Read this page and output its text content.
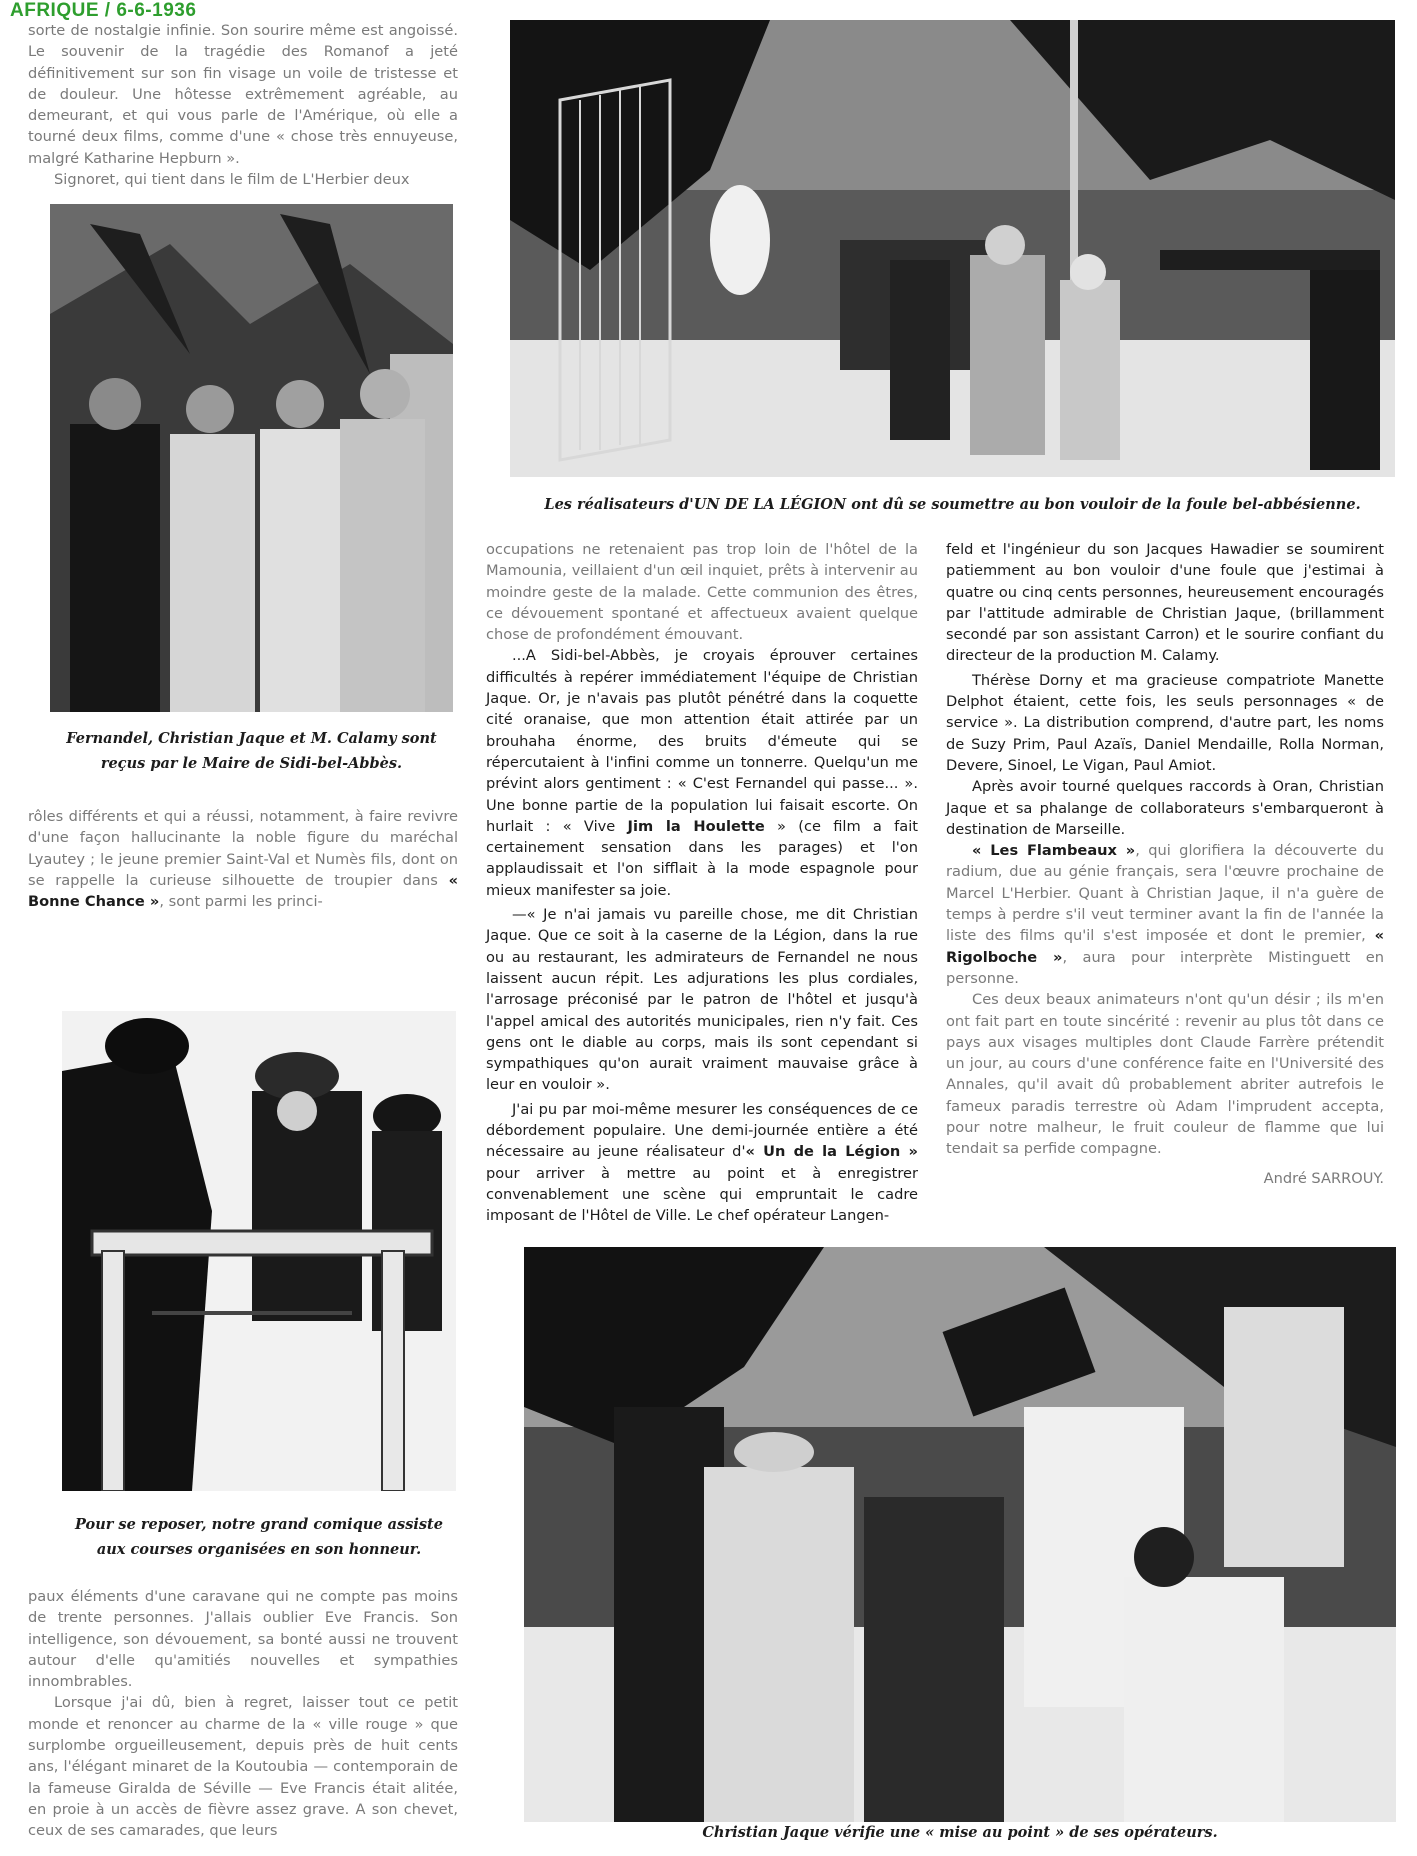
AFRIQUE / 6-6-1936

sorte de nostalgie infinie. Son sourire même est angoissé. Le souvenir de la tragédie des Romanof a jeté définitivement sur son fin visage un voile de tristesse et de douleur. Une hôtesse extrêmement agréable, au demeurant, et qui vous parle de l'Amérique, où elle a tourné deux films, comme d'une « chose très ennuyeuse, malgré Katharine Hepburn ».

Signoret, qui tient dans le film de L'Herbier deux

Fernandel, Christian Jaque et M. Calamy sont reçus par le Maire de Sidi-bel-Abbès.

rôles différents et qui a réussi, notamment, à faire revivre d'une façon hallucinante la noble figure du maréchal Lyautey ; le jeune premier Saint-Val et Numès fils, dont on se rappelle la curieuse silhouette de troupier dans « Bonne Chance », sont parmi les princi-

Pour se reposer, notre grand comique assiste aux courses organisées en son honneur.

paux éléments d'une caravane qui ne compte pas moins de trente personnes. J'allais oublier Eve Francis. Son intelligence, son dévouement, sa bonté aussi ne trouvent autour d'elle qu'amitiés nouvelles et sympathies innombrables.

Lorsque j'ai dû, bien à regret, laisser tout ce petit monde et renoncer au charme de la « ville rouge » que surplombe orgueilleusement, depuis près de huit cents ans, l'élégant minaret de la Koutoubia — contemporain de la fameuse Giralda de Séville — Eve Francis était alitée, en proie à un accès de fièvre assez grave. A son chevet, ceux de ses camarades, que leurs

Les réalisateurs d'UN DE LA LÉGION ont dû se soumettre au bon vouloir de la foule bel-abbésienne.

occupations ne retenaient pas trop loin de l'hôtel de la Mamounia, veillaient d'un œil inquiet, prêts à intervenir au moindre geste de la malade. Cette communion des êtres, ce dévouement spontané et affectueux avaient quelque chose de profondément émouvant.

...A Sidi-bel-Abbès, je croyais éprouver certaines difficultés à repérer immédiatement l'équipe de Christian Jaque. Or, je n'avais pas plutôt pénétré dans la coquette cité oranaise, que mon attention était attirée par un brouhaha énorme, des bruits d'émeute qui se répercutaient à l'infini comme un tonnerre. Quelqu'un me prévint alors gentiment : « C'est Fernandel qui passe... ». Une bonne partie de la population lui faisait escorte. On hurlait : « Vive Jim la Houlette » (ce film a fait certainement sensation dans les parages) et l'on applaudissait et l'on sifflait à la mode espagnole pour mieux manifester sa joie.

—« Je n'ai jamais vu pareille chose, me dit Christian Jaque. Que ce soit à la caserne de la Légion, dans la rue ou au restaurant, les admirateurs de Fernandel ne nous laissent aucun répit. Les adjurations les plus cordiales, l'arrosage préconisé par le patron de l'hôtel et jusqu'à l'appel amical des autorités municipales, rien n'y fait. Ces gens ont le diable au corps, mais ils sont cependant si sympathiques qu'on aurait vraiment mauvaise grâce à leur en vouloir ».

J'ai pu par moi-même mesurer les conséquences de ce débordement populaire. Une demi-journée entière a été nécessaire au jeune réalisateur d'« Un de la Légion » pour arriver à mettre au point et à enregistrer convenablement une scène qui empruntait le cadre imposant de l'Hôtel de Ville. Le chef opérateur Langen-

feld et l'ingénieur du son Jacques Hawadier se soumirent patiemment au bon vouloir d'une foule que j'estimai à quatre ou cinq cents personnes, heureusement encouragés par l'attitude admirable de Christian Jaque, (brillamment secondé par son assistant Carron) et le sourire confiant du directeur de la production M. Calamy.

Thérèse Dorny et ma gracieuse compatriote Manette Delphot étaient, cette fois, les seuls personnages « de service ». La distribution comprend, d'autre part, les noms de Suzy Prim, Paul Azaïs, Daniel Mendaille, Rolla Norman, Devere, Sinoel, Le Vigan, Paul Amiot.

Après avoir tourné quelques raccords à Oran, Christian Jaque et sa phalange de collaborateurs s'embarqueront à destination de Marseille.

« Les Flambeaux », qui glorifiera la découverte du radium, due au génie français, sera l'œuvre prochaine de Marcel L'Herbier. Quant à Christian Jaque, il n'a guère de temps à perdre s'il veut terminer avant la fin de l'année la liste des films qu'il s'est imposée et dont le premier, « Rigolboche », aura pour interprète Mistinguett en personne.

Ces deux beaux animateurs n'ont qu'un désir ; ils m'en ont fait part en toute sincérité : revenir au plus tôt dans ce pays aux visages multiples dont Claude Farrère prétendit un jour, au cours d'une conférence faite en l'Université des Annales, qu'il avait dû probablement abriter autrefois le fameux paradis terrestre où Adam l'imprudent accepta, pour notre malheur, le fruit couleur de flamme que lui tendait sa perfide compagne.

André SARROUY.
Christian Jaque vérifie une « mise au point » de ses opérateurs.
